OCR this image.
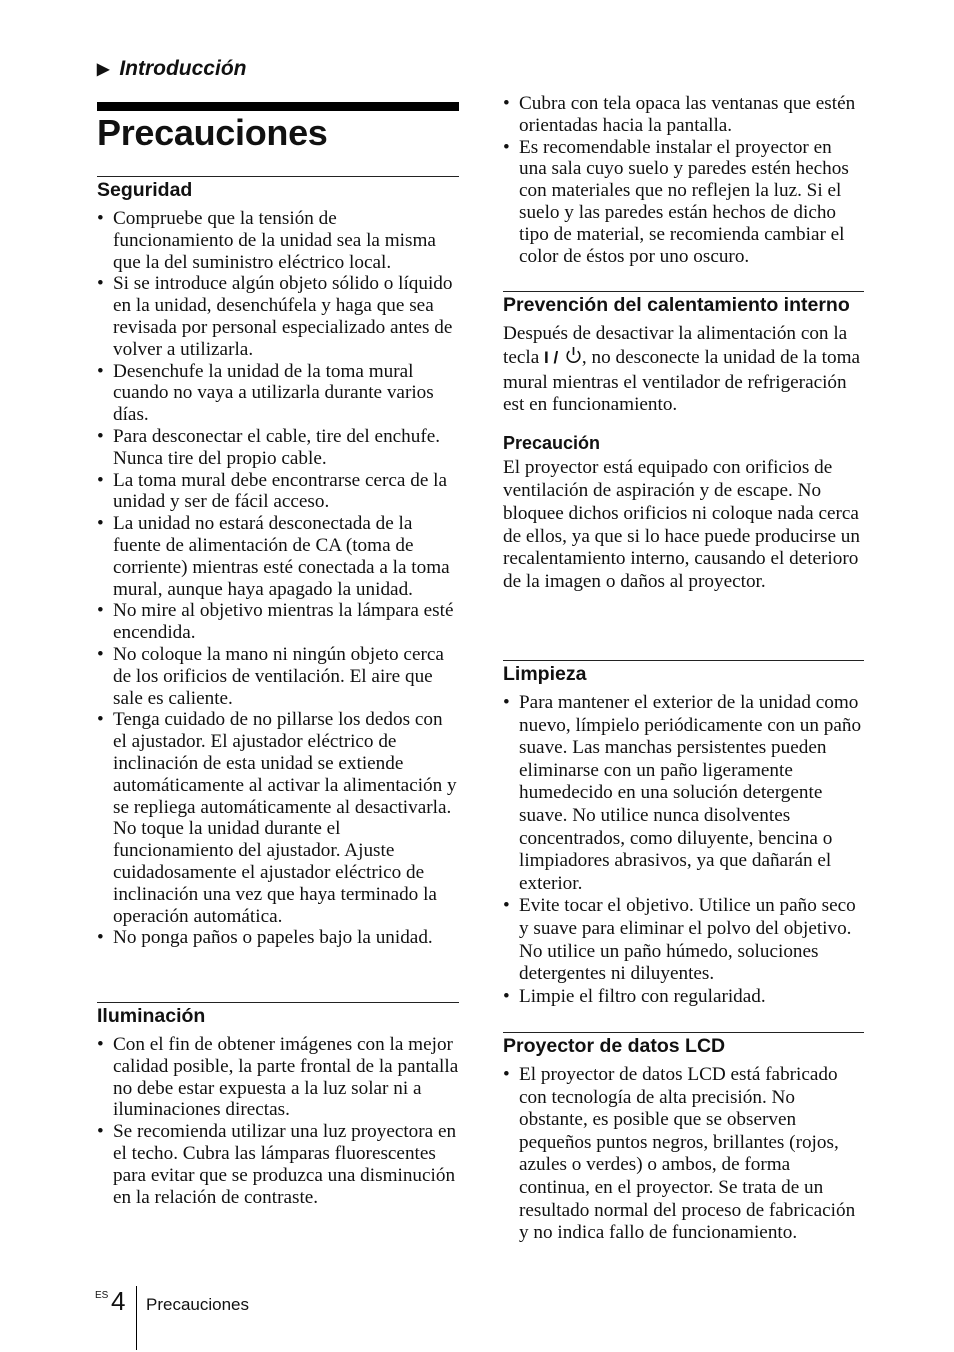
▶ Introducción
Precauciones
Seguridad
• Compruebe que la tensión de funcionamiento de la unidad sea la misma que la del suministro eléctrico local.
• Si se introduce algún objeto sólido o líquido en la unidad, desenchúfela y haga que sea revisada por personal especializado antes de volver a utilizarla.
• Desenchufe la unidad de la toma mural cuando no vaya a utilizarla durante varios días.
• Para desconectar el cable, tire del enchufe. Nunca tire del propio cable.
• La toma mural debe encontrarse cerca de la unidad y ser de fácil acceso.
• La unidad no estará desconectada de la fuente de alimentación de CA (toma de corriente) mientras esté conectada a la toma mural, aunque haya apagado la unidad.
• No mire al objetivo mientras la lámpara esté encendida.
• No coloque la mano ni ningún objeto cerca de los orificios de ventilación. El aire que sale es caliente.
• Tenga cuidado de no pillarse los dedos con el ajustador. El ajustador eléctrico de inclinación de esta unidad se extiende automáticamente al activar la alimentación y se repliega automáticamente al desactivarla. No toque la unidad durante el funcionamiento del ajustador. Ajuste cuidadosamente el ajustador eléctrico de inclinación una vez que haya terminado la operación automática.
• No ponga paños o papeles bajo la unidad.
Iluminación
• Con el fin de obtener imágenes con la mejor calidad posible, la parte frontal de la pantalla no debe estar expuesta a la luz solar ni a iluminaciones directas.
• Se recomienda utilizar una luz proyectora en el techo. Cubra las lámparas fluorescentes para evitar que se produzca una disminución en la relación de contraste.
• Cubra con tela opaca las ventanas que estén orientadas hacia la pantalla.
• Es recomendable instalar el proyector en una sala cuyo suelo y paredes estén hechos con materiales que no reflejen la luz. Si el suelo y las paredes están hechos de dicho tipo de material, se recomienda cambiar el color de éstos por uno oscuro.
Prevención del calentamiento interno

Después de desactivar la alimentación con la tecla I / , no desconecte la unidad de la toma mural mientras el ventilador de refrigeración est en funcionamiento.

Precaución

El proyector está equipado con orificios de ventilación de aspiración y de escape. No bloquee dichos orificios ni coloque nada cerca de ellos, ya que si lo hace puede producirse un recalentamiento interno, causando el deterioro de la imagen o daños al proyector.

Limpieza
• Para mantener el exterior de la unidad como nuevo, límpielo periódicamente con un paño suave. Las manchas persistentes pueden eliminarse con un paño ligeramente humedecido en una solución detergente suave. No utilice nunca disolventes concentrados, como diluyente, bencina o limpiadores abrasivos, ya que dañarán el exterior.
• Evite tocar el objetivo. Utilice un paño seco y suave para eliminar el polvo del objetivo. No utilice un paño húmedo, soluciones detergentes ni diluyentes.
• Limpie el filtro con regularidad.
Proyector de datos LCD
• El proyector de datos LCD está fabricado con tecnología de alta precisión. No obstante, es posible que se observen pequeños puntos negros, brillantes (rojos, azules o verdes) o ambos, de forma continua, en el proyector. Se trata de un resultado normal del proceso de fabricación y no indica fallo de funcionamiento.
ES 4 Precauciones
